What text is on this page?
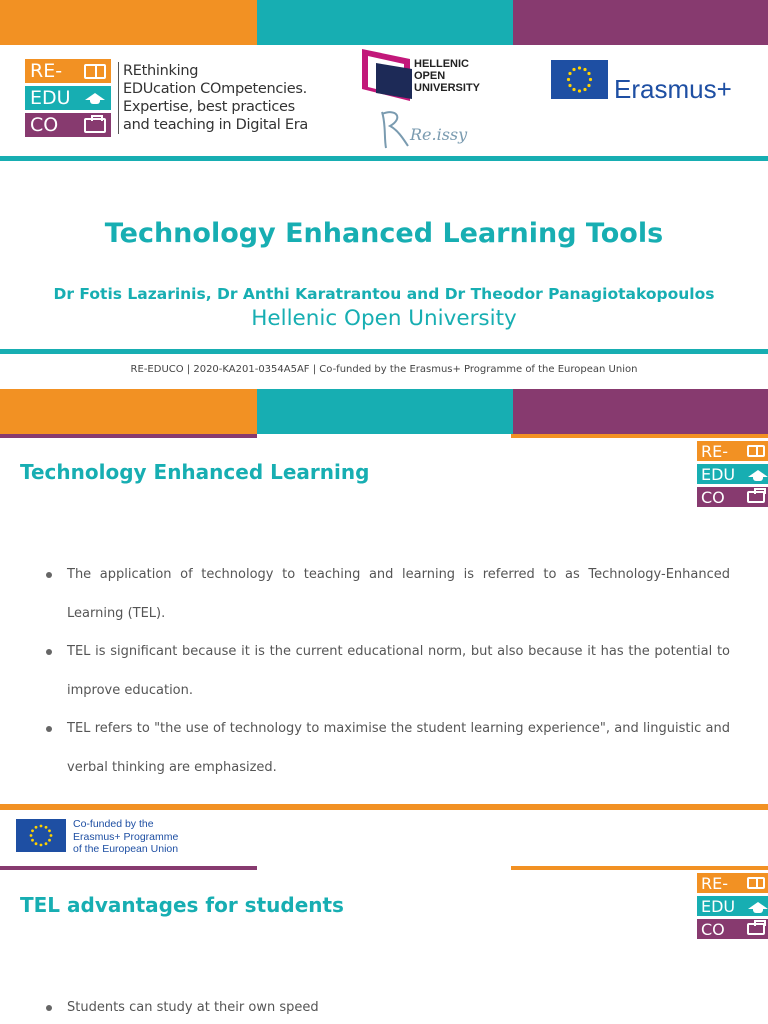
RE-
EDU
CO
REthinking
EDUcation COmpetencies.
Expertise, best practices
and teaching in Digital Era
HELLENIC
OPEN
UNIVERSITY
Re.issy
Erasmus+
Technology Enhanced Learning Tools
Dr Fotis Lazarinis, Dr Anthi Karatrantou and Dr Theodor Panagiotakopoulos
Hellenic Open University
RE-EDUCO | 2020-KA201-0354A5AF | Co-funded by the Erasmus+ Programme of the European Union
Technology Enhanced Learning
RE-
EDU
CO
The application of technology to teaching and learning is referred to as Technology-Enhanced Learning (TEL).
TEL is significant because it is the current educational norm, but also because it has the potential to improve education.
TEL refers to "the use of technology to maximise the student learning experience", and linguistic and verbal thinking are emphasized.
Co-funded by the
Erasmus+ Programme
of the European Union
TEL advantages for students
RE-
EDU
CO
Students can study at their own speed
